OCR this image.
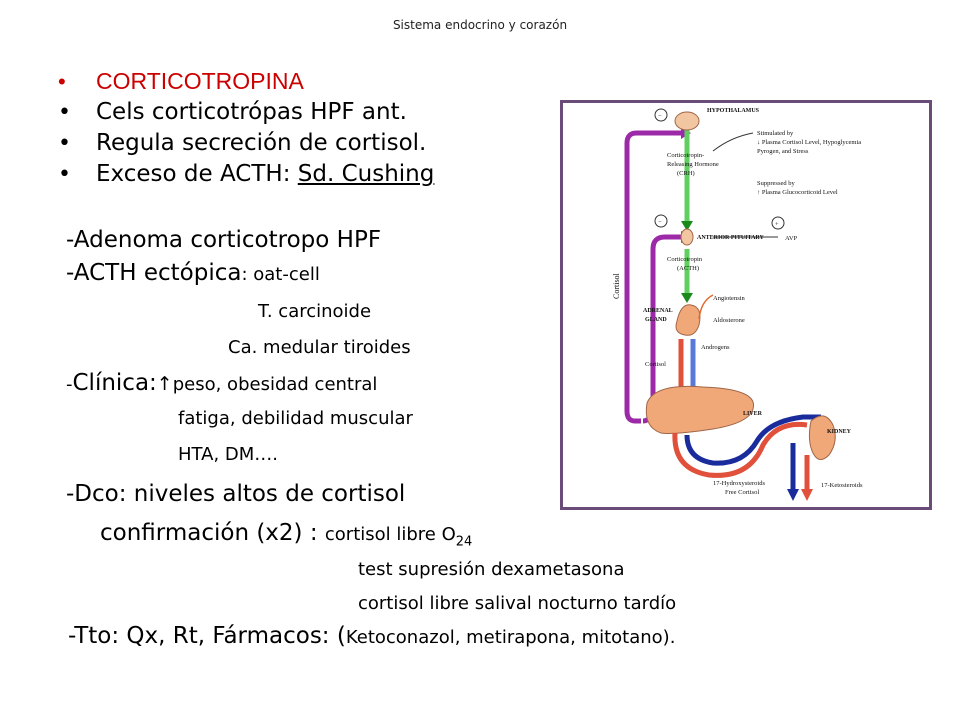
Sistema endocrino y corazón
• CORTICOTROPINA
• Cels corticotrópas HPF ant.
• Regula secreción de cortisol.
• Exceso de ACTH: Sd. Cushing
-Adenoma corticotropo HPF
-ACTH ectópica: oat-cell
T. carcinoide
Ca. medular tiroides
-Clínica:↑peso, obesidad central
fatiga, debilidad muscular
HTA, DM….
-Dco: niveles altos de cortisol
confirmación (x2) : cortisol libre $O_{24}$
test supresión dexametasona
cortisol libre salival nocturno tardío
-Tto: Qx, Rt, Fármacos: (Ketoconazol, metirapona, mitotano).
−
−	+
HYPOTHALAMUS
Corticotropin-
Releasing Hormone
(CRH)
Stimulated by
↓ Plasma Cortisol Level, Hypoglycemia
Pyrogen, and Stress
Suppressed by
↑ Plasma Glucocorticoid Level
ANTERIOR PITUITARY	AVP
Corticotropin
(ACTH)
Cortisol
ADRENAL
GLAND
Angiotensin
Aldosterone
Cortisol
Androgens
LIVER
KIDNEY
17-Hydroxysteroids
Free Cortisol
17-Ketosteroids
